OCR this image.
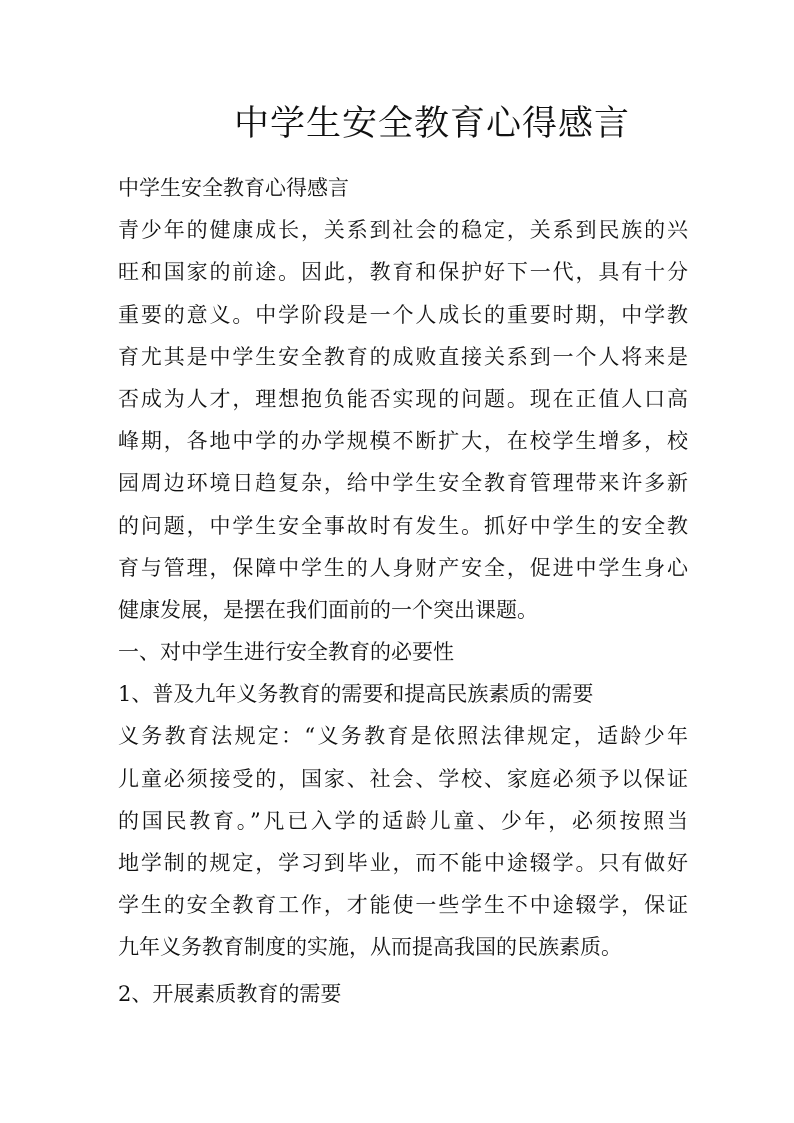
中学生安全教育心得感言

中学生安全教育心得感言

青少年的健康成长，关系到社会的稳定，关系到民族的兴

旺和国家的前途。因此，教育和保护好下一代，具有十分

重要的意义。中学阶段是一个人成长的重要时期，中学教

育尤其是中学生安全教育的成败直接关系到一个人将来是

否成为人才，理想抱负能否实现的问题。现在正值人口高

峰期，各地中学的办学规模不断扩大，在校学生增多，校

园周边环境日趋复杂，给中学生安全教育管理带来许多新

的问题，中学生安全事故时有发生。抓好中学生的安全教

育与管理，保障中学生的人身财产安全，促进中学生身心

健康发展，是摆在我们面前的一个突出课题。

一、对中学生进行安全教育的必要性

1、普及九年义务教育的需要和提高民族素质的需要

义务教育法规定：“义务教育是依照法律规定，适龄少年

儿童必须接受的，国家、社会、学校、家庭必须予以保证

的国民教育。”凡已入学的适龄儿童、少年，必须按照当

地学制的规定，学习到毕业，而不能中途辍学。只有做好

学生的安全教育工作，才能使一些学生不中途辍学，保证

九年义务教育制度的实施，从而提高我国的民族素质。

2、开展素质教育的需要
